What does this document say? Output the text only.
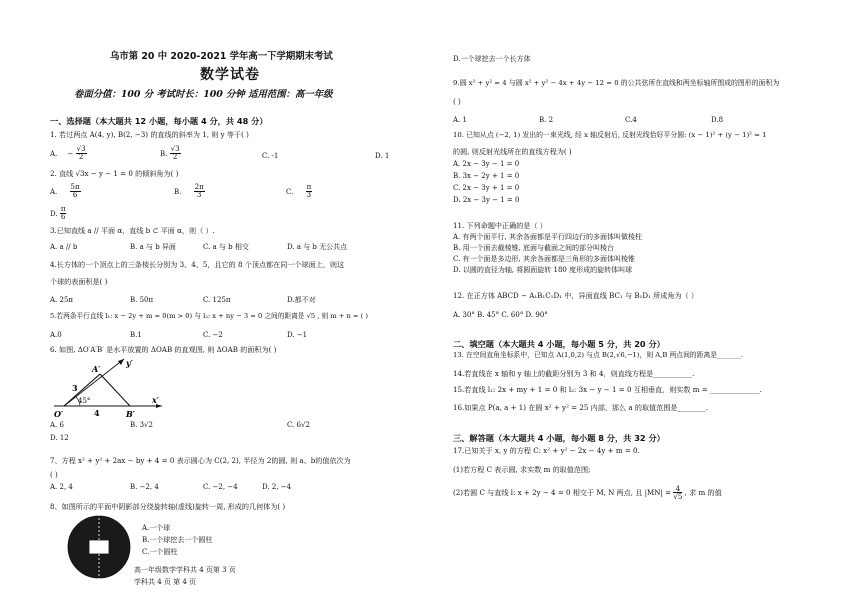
乌市第 20 中 2020-2021 学年高一下学期期末考试
数学试卷
卷面分值：100 分 考试时长：100 分钟 适用范围：高一年级
一、选择题（本大题共 12 小题，每小题 4 分，共 48 分）
1. 若过两点 A(4, y), B(2, −3) 的直线的斜率为 1, 则 y 等于( )
A. − $\frac{√3}{2}$	B. $\frac{√3}{2}$	C. -1	D. 1
2. 直线 √3x − y − 1 = 0 的倾斜角为( )
A. $\frac{5\pi}{6}$	B. $\frac{2\pi}{3}$	C. $\frac{\pi}{3}$
D. $\frac{\pi}{6}$
3.已知直线 a // 平面 α，直线 b ⊂ 平面 α，则（ ）.
A. a // b	B. a 与 b 异面	C. a 与 b 相交	D. a 与 b 无公共点
4.长方体的一个顶点上的三条棱长分别为 3、4、5，且它的 8 个顶点都在同一个球面上，则这
个球的表面积是( )
A. 25π	B. 50π	C. 125π	D.都不对
5.若两条平行直线 l₁: x − 2y + m = 0(m > 0) 与 l₂: x + ny − 3 = 0 之间的距离是 √5 , 则 m + n = ( )
A.0	B.1	C. −2	D. −1
6. 如图, ΔO′A′B′ 是水平放置的 ΔOAB 的直观图, 则 ΔOAB 的面积为( )
A′
y′
3
45°
O′	4	B′
x′
A. 6	B. 3√2	C. 6√2
D. 12
7、方程 x² + y² + 2ax − by + 4 = 0 表示圆心为 C(2, 2), 半径为 2的圆, 则 a、b的值依次为
( )
A. 2, 4	B. −2, 4	C. −2, −4	D. 2, −4
8、如图所示的平面中阴影部分绕旋转轴(虚线)旋转一周, 形成的几何体为( )
A.一个球
B.一个球挖去一个圆柱
C.一个圆柱
高一年级数学学科共 4 页第 3 页
学科共 4 页 第 4 页
D.一个球挖去一个长方体
9.圆 x² + y² = 4 与圆 x² + y² − 4x + 4y − 12 = 0 的公共弦所在直线和两坐标轴所围成的图形的面积为
( )
A. 1	B. 2	C.4	D.8
10. 已知从点 (−2, 1) 发出的一束光线, 经 x 轴反射后, 反射光线恰好平分圆: (x − 1)² + (y − 1)² = 1
的圆, 则反射光线所在的直线方程为( )
A. 2x − 3y − 1 = 0
B. 3x − 2y + 1 = 0
C. 2x − 3y + 1 = 0
D. 2x − 3y − 1 = 0
11. 下列命题中正确的是（ ）
A. 有两个面平行, 其余各面都是平行四边行的多面体叫做棱柱
B. 用一个面去截棱锥, 底面与截面之间的部分叫棱台
C. 有一个面是多边形, 其余各面都是三角形的多面体叫棱锥
D. 以圆的直径为轴, 将圆面旋转 180 度形成的旋转体叫球
12. 在正方体 ABCD − A₁B₁C₁D₁ 中，异面直线 BC₁ 与 B₁D₁ 所成角为（ ）
A. 30° B. 45° C. 60° D. 90°
二、填空题（本大题共 4 小题，每小题 5 分，共 20 分）
13. 在空间直角坐标系中，已知点 A(1,0,2) 与点 B(2,√6,−1)，则 A,B 两点间的距离是_______.
14.若直线在 x 轴和 y 轴上的截距分别为 3 和 4，则直线方程是___________.
15.若直线 l₁: 2x + my + 1 = 0 和 l₂: 3x − y − 1 = 0 互相垂直，则实数 m = ______________.
16.如果点 P(a, a + 1) 在圆 x² + y² = 25 内部，那么 a 的取值范围是________.
三、解答题（本大题共 4 小题，每小题 8 分，共 32 分）
17.已知关于 x, y 的方程 C: x² + y² − 2x − 4y + m = 0.
(1)若方程 C 表示圆, 求实数 m 的取值范围;
(2)若圆 C 与直线 l: x + 2y − 4 = 0 相交于 M, N 两点, 且 $|MN| = \frac{4}{√5}$ , 求 m 的值
